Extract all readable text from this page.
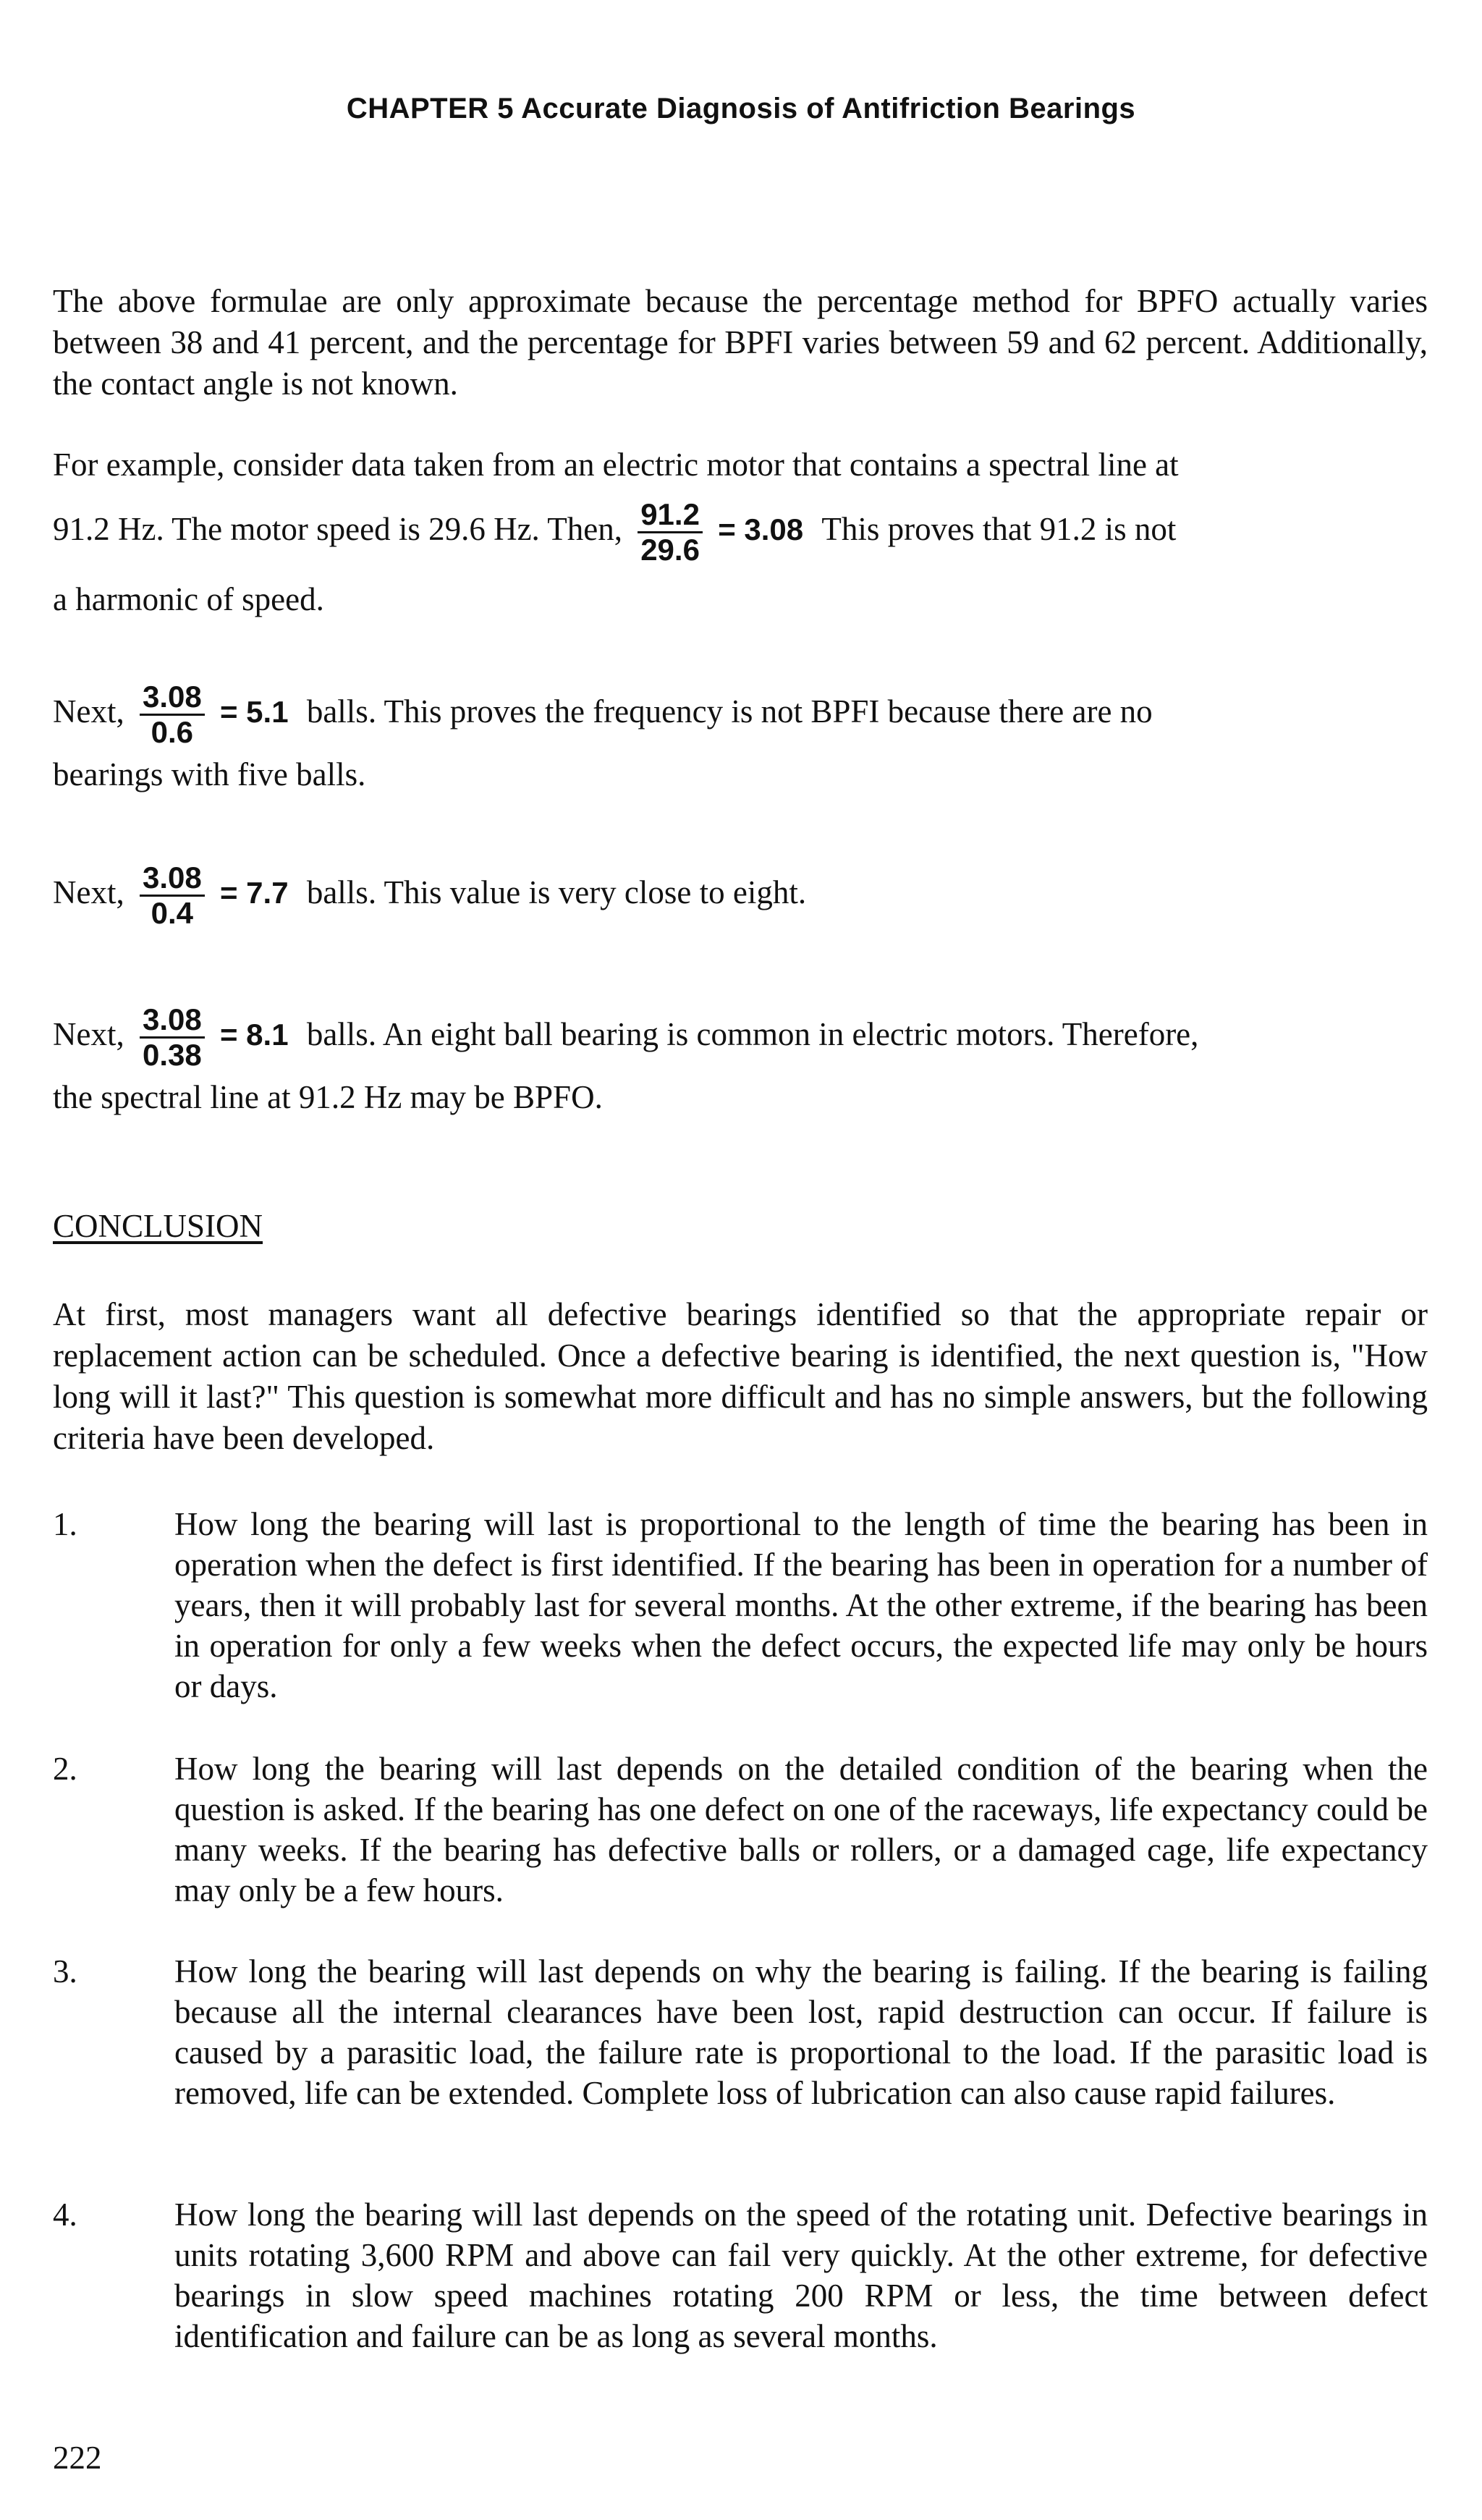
CHAPTER 5 Accurate Diagnosis of Antifriction Bearings
The above formulae are only approximate because the percentage method for BPFO actually varies between 38 and 41 percent, and the percentage for BPFI varies between 59 and 62 percent. Additionally, the contact angle is not known.
For example, consider data taken from an electric motor that contains a spectral line at
91.2 Hz. The motor speed is 29.6 Hz. Then, $\frac{91.2}{29.6} = 3.08$ This proves that 91.2 is not
a harmonic of speed.
Next, $\frac{3.08}{0.6} = 5.1$ balls. This proves the frequency is not BPFI because there are no
bearings with five balls.
Next, $\frac{3.08}{0.4} = 7.7$ balls. This value is very close to eight.
Next, $\frac{3.08}{0.38} = 8.1$ balls. An eight ball bearing is common in electric motors. Therefore,
the spectral line at 91.2 Hz may be BPFO.
CONCLUSION
At first, most managers want all defective bearings identified so that the appropriate repair or replacement action can be scheduled. Once a defective bearing is identified, the next question is, "How long will it last?" This question is somewhat more difficult and has no simple answers, but the following criteria have been developed.
1.	How long the bearing will last is proportional to the length of time the bearing has been in operation when the defect is first identified. If the bearing has been in operation for a number of years, then it will probably last for several months. At the other extreme, if the bearing has been in operation for only a few weeks when the defect occurs, the expected life may only be hours or days.
2.	How long the bearing will last depends on the detailed condition of the bearing when the question is asked. If the bearing has one defect on one of the raceways, life expectancy could be many weeks. If the bearing has defective balls or rollers, or a damaged cage, life expectancy may only be a few hours.
3.	How long the bearing will last depends on why the bearing is failing. If the bearing is failing because all the internal clearances have been lost, rapid destruction can occur. If failure is caused by a parasitic load, the failure rate is proportional to the load. If the parasitic load is removed, life can be extended. Complete loss of lubrication can also cause rapid failures.
4.	How long the bearing will last depends on the speed of the rotating unit. Defective bearings in units rotating 3,600 RPM and above can fail very quickly. At the other extreme, for defective bearings in slow speed machines rotating 200 RPM or less, the time between defect identification and failure can be as long as several months.
222
